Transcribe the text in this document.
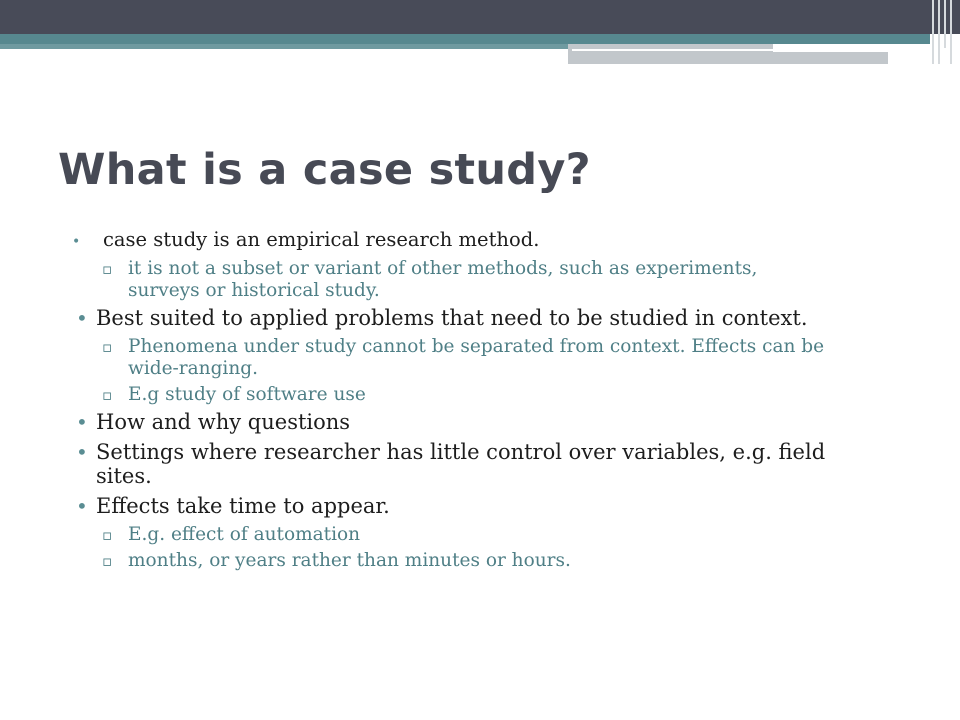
What is a case study?
• case study is an empirical research method.
▫ it is not a subset or variant of other methods, such as experiments, surveys or historical study.
• Best suited to applied problems that need to be studied in context.
▫ Phenomena under study cannot be separated from context. Effects can be wide-ranging.
▫ E.g study of software use
• How and why questions
• Settings where researcher has little control over variables, e.g. field sites.
• Effects take time to appear.
▫ E.g. effect of automation
▫ months, or years rather than minutes or hours.
